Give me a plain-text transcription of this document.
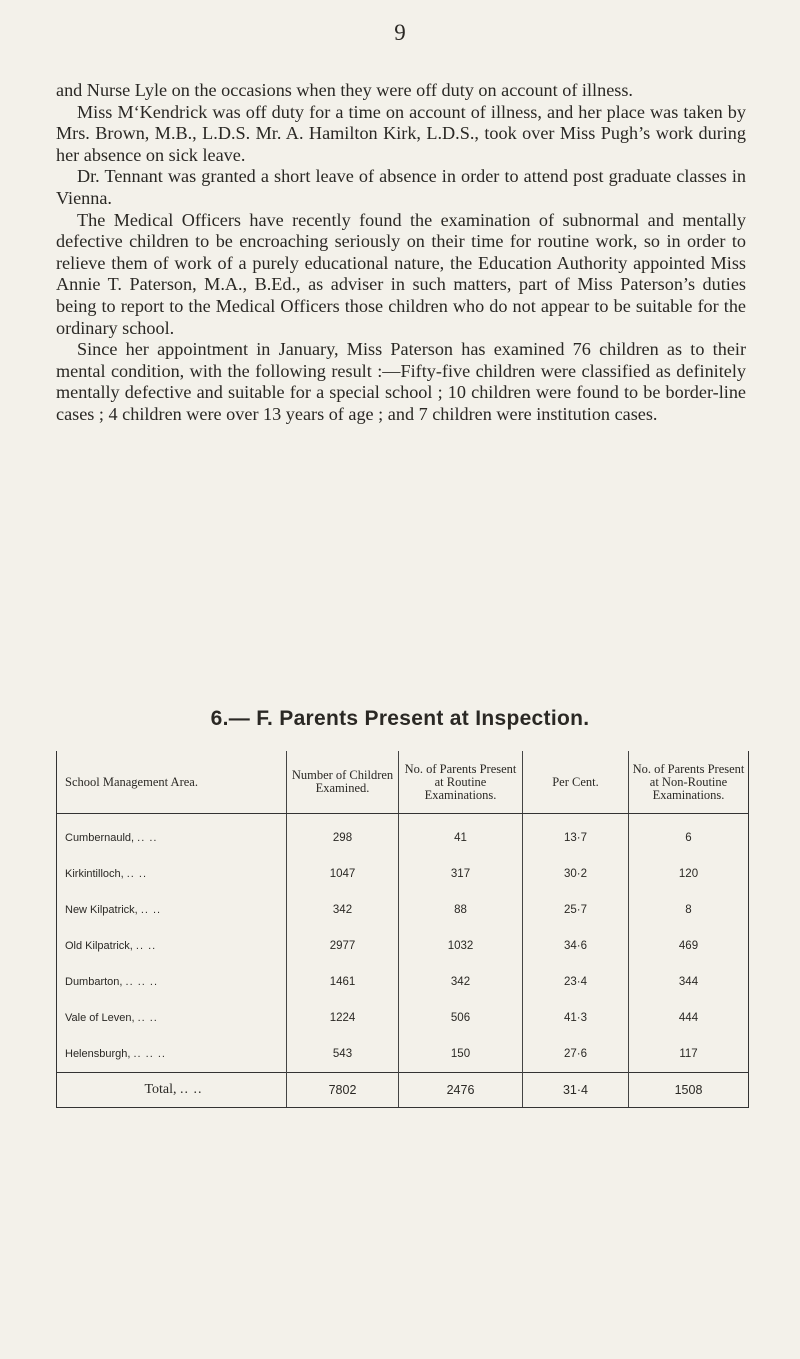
9

and Nurse Lyle on the occasions when they were off duty on account of illness.

Miss M‘Kendrick was off duty for a time on account of illness, and her place was taken by Mrs. Brown, M.B., L.D.S. Mr. A. Hamilton Kirk, L.D.S., took over Miss Pugh’s work during her absence on sick leave.

Dr. Tennant was granted a short leave of absence in order to attend post graduate classes in Vienna.

The Medical Officers have recently found the examination of subnormal and mentally defective children to be encroaching seriously on their time for routine work, so in order to relieve them of work of a purely educational nature, the Education Authority appointed Miss Annie T. Paterson, M.A., B.Ed., as adviser in such matters, part of Miss Paterson’s duties being to report to the Medical Officers those children who do not appear to be suitable for the ordinary school.

Since her appointment in January, Miss Paterson has examined 76 children as to their mental condition, with the following result :—Fifty-five children were classified as definitely mentally defective and suitable for a special school ; 10 children were found to be border-line cases ; 4 children were over 13 years of age ; and 7 children were institution cases.

6.— F. Parents Present at Inspection.
School Management Area.	Number of Children Examined.	No. of Parents Present at Routine Examinations.	Per Cent.	No. of Parents Present at Non-Routine Examinations.
Cumbernauld, .. ..	298	41	13·7	6
Kirkintilloch, .. ..	1047	317	30·2	120
New Kilpatrick, .. ..	342	88	25·7	8
Old Kilpatrick, .. ..	2977	1032	34·6	469
Dumbarton, .. .. ..	1461	342	23·4	344
Vale of Leven, .. ..	1224	506	41·3	444
Helensburgh, .. .. ..	543	150	27·6	117
Total, .. ..	7802	2476	31·4	1508
